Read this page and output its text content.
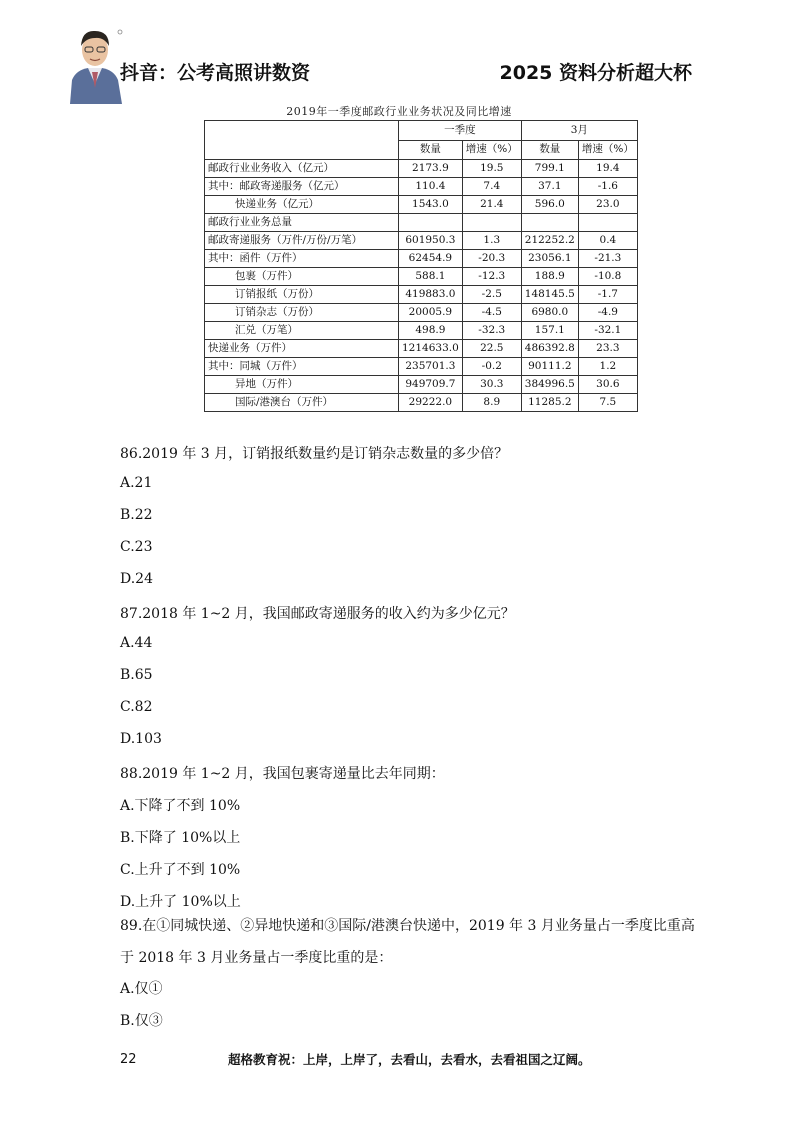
抖音：公考高照讲数资	2025 资料分析超大杯
2019年一季度邮政行业业务状况及同比增速
	一季度		3月	
	数量	增速（%）	数量	增速（%）
邮政行业业务收入（亿元）	2173.9	19.5	799.1	19.4
其中：邮政寄递服务（亿元）	110.4	7.4	37.1	-1.6
快递业务（亿元）	1543.0	21.4	596.0	23.0
邮政行业业务总量				
邮政寄递服务（万件/万份/万笔）	601950.3	1.3	212252.2	0.4
其中：函件（万件）	62454.9	-20.3	23056.1	-21.3
包裹（万件）	588.1	-12.3	188.9	-10.8
订销报纸（万份）	419883.0	-2.5	148145.5	-1.7
订销杂志（万份）	20005.9	-4.5	6980.0	-4.9
汇兑（万笔）	498.9	-32.3	157.1	-32.1
快递业务（万件）	1214633.0	22.5	486392.8	23.3
其中：同城（万件）	235701.3	-0.2	90111.2	1.2
异地（万件）	949709.7	30.3	384996.5	30.6
国际/港澳台（万件）	29222.0	8.9	11285.2	7.5
86.2019 年 3 月，订销报纸数量约是订销杂志数量的多少倍？
A.21
B.22
C.23
D.24
87.2018 年 1~2 月，我国邮政寄递服务的收入约为多少亿元？
A.44
B.65
C.82
D.103
88.2019 年 1~2 月，我国包裹寄递量比去年同期：
A.下降了不到 10%
B.下降了 10%以上
C.上升了不到 10%
D.上升了 10%以上
89.在①同城快递、②异地快递和③国际/港澳台快递中，2019 年 3 月业务量占一季度比重高
于 2018 年 3 月业务量占一季度比重的是：
A.仅①
B.仅③
22	超格教育祝：上岸，上岸了，去看山，去看水，去看祖国之辽阔。
